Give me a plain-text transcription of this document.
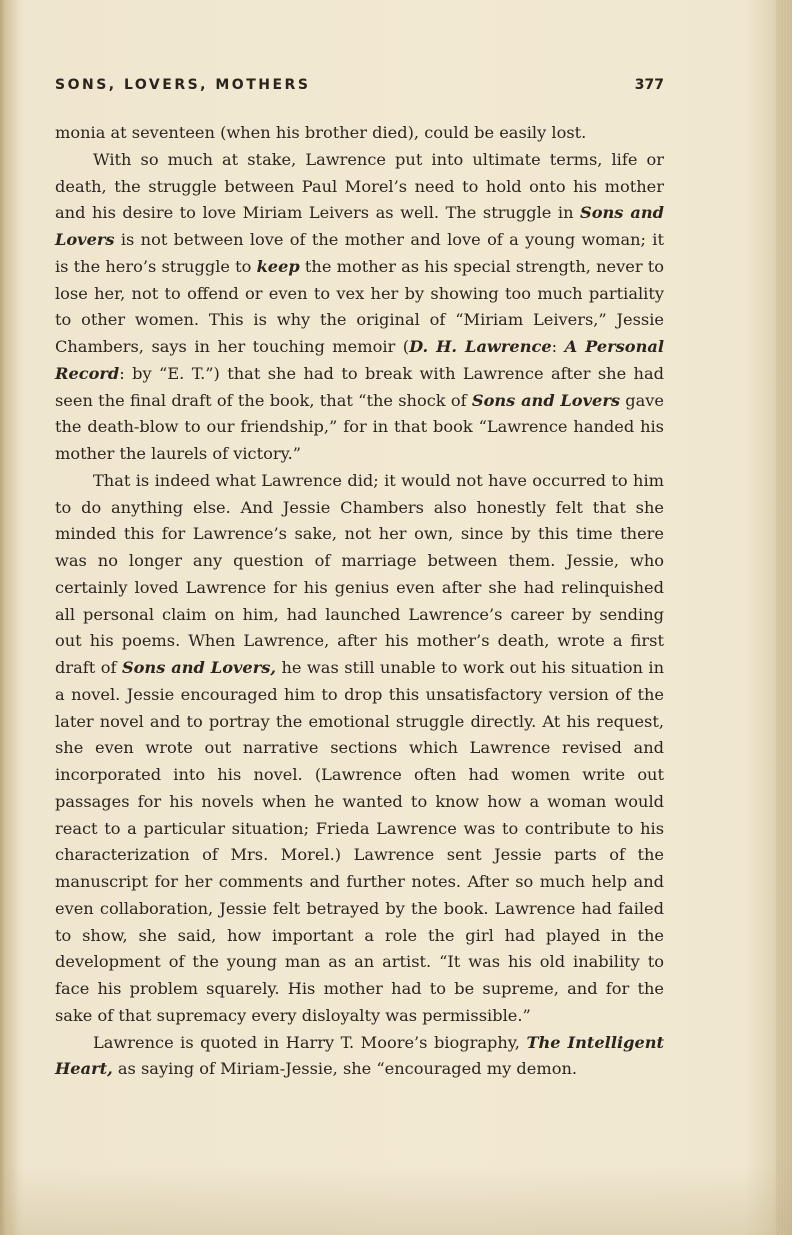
SONS, LOVERS, MOTHERS	377

monia at seventeen (when his brother died), could be easily lost.

With so much at stake, Lawrence put into ultimate terms, life or death, the struggle between Paul Morel’s need to hold onto his mother and his desire to love Miriam Leivers as well. The struggle in Sons and Lovers is not between love of the mother and love of a young woman; it is the hero’s struggle to keep the mother as his special strength, never to lose her, not to offend or even to vex her by showing too much partiality to other women. This is why the original of “Miriam Leivers,” Jessie Chambers, says in her touching memoir (D. H. Lawrence: A Personal Record: by “E. T.”) that she had to break with Lawrence after she had seen the final draft of the book, that “the shock of Sons and Lovers gave the death-blow to our friendship,” for in that book “Lawrence handed his mother the laurels of victory.”

That is indeed what Lawrence did; it would not have occurred to him to do anything else. And Jessie Chambers also honestly felt that she minded this for Lawrence’s sake, not her own, since by this time there was no longer any question of marriage between them. Jessie, who certainly loved Lawrence for his genius even after she had relinquished all personal claim on him, had launched Lawrence’s career by sending out his poems. When Lawrence, after his mother’s death, wrote a first draft of Sons and Lovers, he was still unable to work out his situation in a novel. Jessie encouraged him to drop this unsatisfactory version of the later novel and to portray the emotional struggle directly. At his request, she even wrote out narrative sections which Lawrence revised and incorporated into his novel. (Lawrence often had women write out passages for his novels when he wanted to know how a woman would react to a particular situation; Frieda Lawrence was to contribute to his characterization of Mrs. Morel.) Lawrence sent Jessie parts of the manuscript for her comments and further notes. After so much help and even collaboration, Jessie felt betrayed by the book. Lawrence had failed to show, she said, how important a role the girl had played in the development of the young man as an artist. “It was his old inability to face his problem squarely. His mother had to be supreme, and for the sake of that supremacy every disloyalty was permissible.”

Lawrence is quoted in Harry T. Moore’s biography, The Intelligent Heart, as saying of Miriam-Jessie, she “encouraged my demon.
